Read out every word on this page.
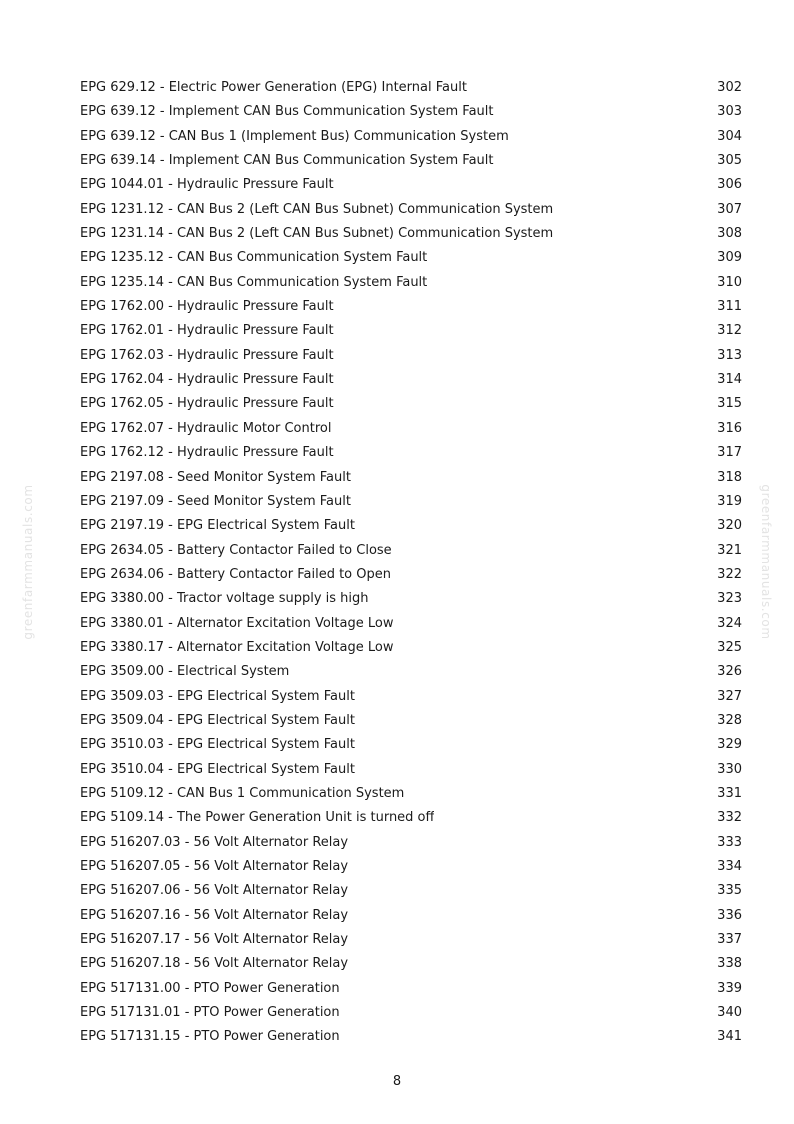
greenfarmmanuals.com	greenfarmmanuals.com
EPG 629.12 - Electric Power Generation (EPG) Internal Fault	302
EPG 639.12 - Implement CAN Bus Communication System Fault	303
EPG 639.12 - CAN Bus 1 (Implement Bus) Communication System	304
EPG 639.14 - Implement CAN Bus Communication System Fault	305
EPG 1044.01 - Hydraulic Pressure Fault	306
EPG 1231.12 - CAN Bus 2 (Left CAN Bus Subnet) Communication System	307
EPG 1231.14 - CAN Bus 2 (Left CAN Bus Subnet) Communication System	308
EPG 1235.12 - CAN Bus Communication System Fault	309
EPG 1235.14 - CAN Bus Communication System Fault	310
EPG 1762.00 - Hydraulic Pressure Fault	311
EPG 1762.01 - Hydraulic Pressure Fault	312
EPG 1762.03 - Hydraulic Pressure Fault	313
EPG 1762.04 - Hydraulic Pressure Fault	314
EPG 1762.05 - Hydraulic Pressure Fault	315
EPG 1762.07 - Hydraulic Motor Control	316
EPG 1762.12 - Hydraulic Pressure Fault	317
EPG 2197.08 - Seed Monitor System Fault	318
EPG 2197.09 - Seed Monitor System Fault	319
EPG 2197.19 - EPG Electrical System Fault	320
EPG 2634.05 - Battery Contactor Failed to Close	321
EPG 2634.06 - Battery Contactor Failed to Open	322
EPG 3380.00 - Tractor voltage supply is high	323
EPG 3380.01 - Alternator Excitation Voltage Low	324
EPG 3380.17 - Alternator Excitation Voltage Low	325
EPG 3509.00 - Electrical System	326
EPG 3509.03 - EPG Electrical System Fault	327
EPG 3509.04 - EPG Electrical System Fault	328
EPG 3510.03 - EPG Electrical System Fault	329
EPG 3510.04 - EPG Electrical System Fault	330
EPG 5109.12 - CAN Bus 1 Communication System	331
EPG 5109.14 - The Power Generation Unit is turned off	332
EPG 516207.03 - 56 Volt Alternator Relay	333
EPG 516207.05 - 56 Volt Alternator Relay	334
EPG 516207.06 - 56 Volt Alternator Relay	335
EPG 516207.16 - 56 Volt Alternator Relay	336
EPG 516207.17 - 56 Volt Alternator Relay	337
EPG 516207.18 - 56 Volt Alternator Relay	338
EPG 517131.00 - PTO Power Generation	339
EPG 517131.01 - PTO Power Generation	340
EPG 517131.15 - PTO Power Generation	341
8
